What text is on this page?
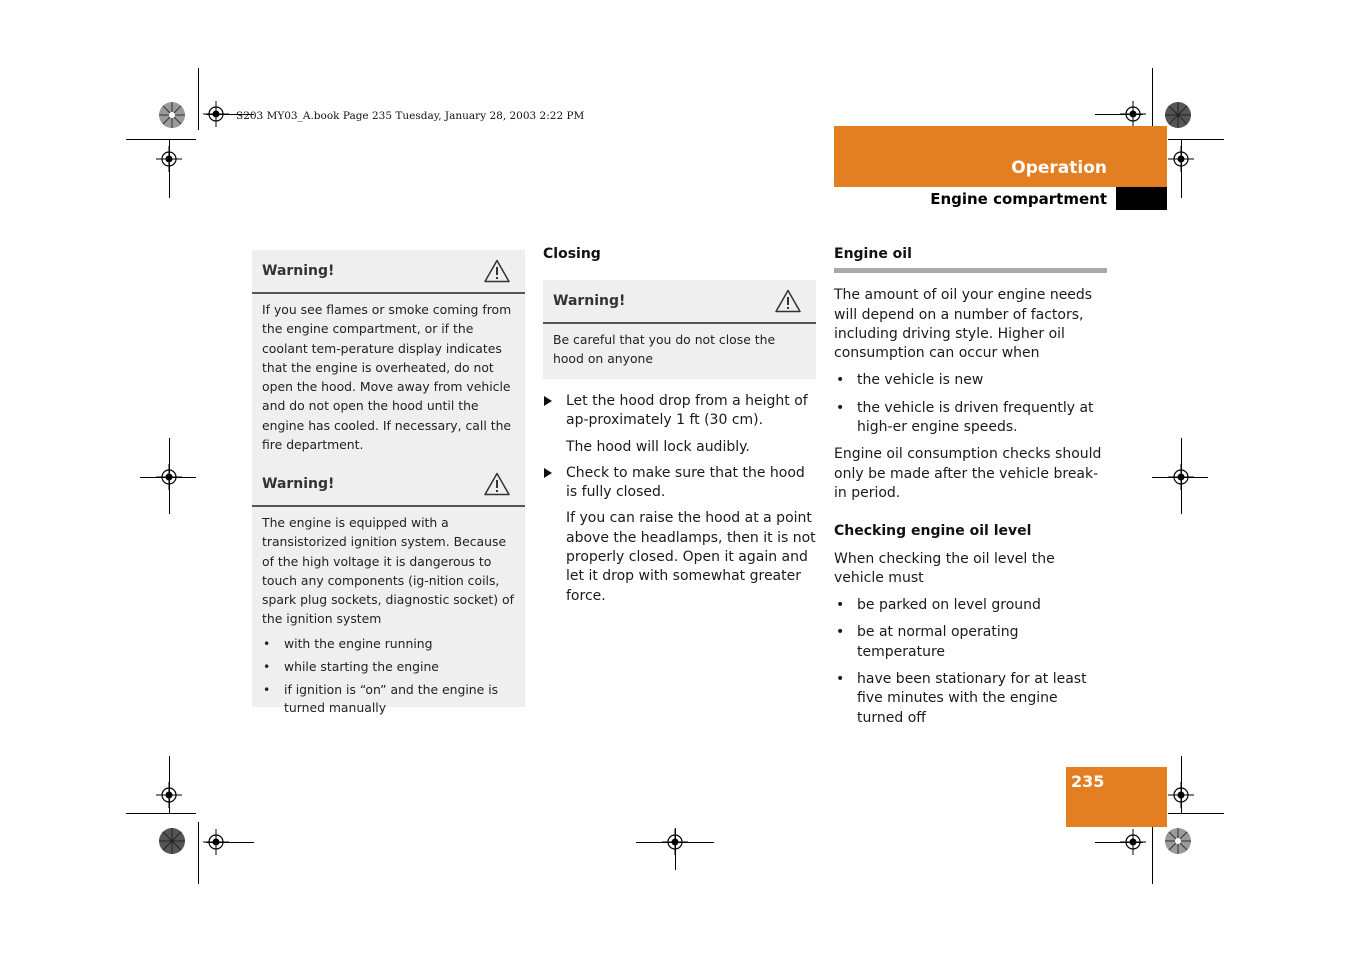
S203 MY03_A.book Page 235 Tuesday, January 28, 2003 2:22 PM
Operation
Engine compartment
Warning!
If you see flames or smoke coming from the engine compartment, or if the coolant tem-perature display indicates that the engine is overheated, do not open the hood. Move away from vehicle and do not open the hood until the engine has cooled. If necessary, call the fire department.
Warning!
The engine is equipped with a transistorized ignition system. Because of the high voltage it is dangerous to touch any components (ig-nition coils, spark plug sockets, diagnostic socket) of the ignition system
• with the engine running
• while starting the engine
• if ignition is “on” and the engine is turned manually
Closing
Warning!
Be careful that you do not close the hood on anyone
Let the hood drop from a height of ap-proximately 1 ft (30 cm).
The hood will lock audibly.
Check to make sure that the hood is fully closed.
If you can raise the hood at a point above the headlamps, then it is not properly closed. Open it again and let it drop with somewhat greater force.
Engine oil
The amount of oil your engine needs will depend on a number of factors, including driving style. Higher oil consumption can occur when
• the vehicle is new
• the vehicle is driven frequently at high-er engine speeds.
Engine oil consumption checks should only be made after the vehicle break-in period.
Checking engine oil level
When checking the oil level the vehicle must
• be parked on level ground
• be at normal operating temperature
• have been stationary for at least five minutes with the engine turned off
235
